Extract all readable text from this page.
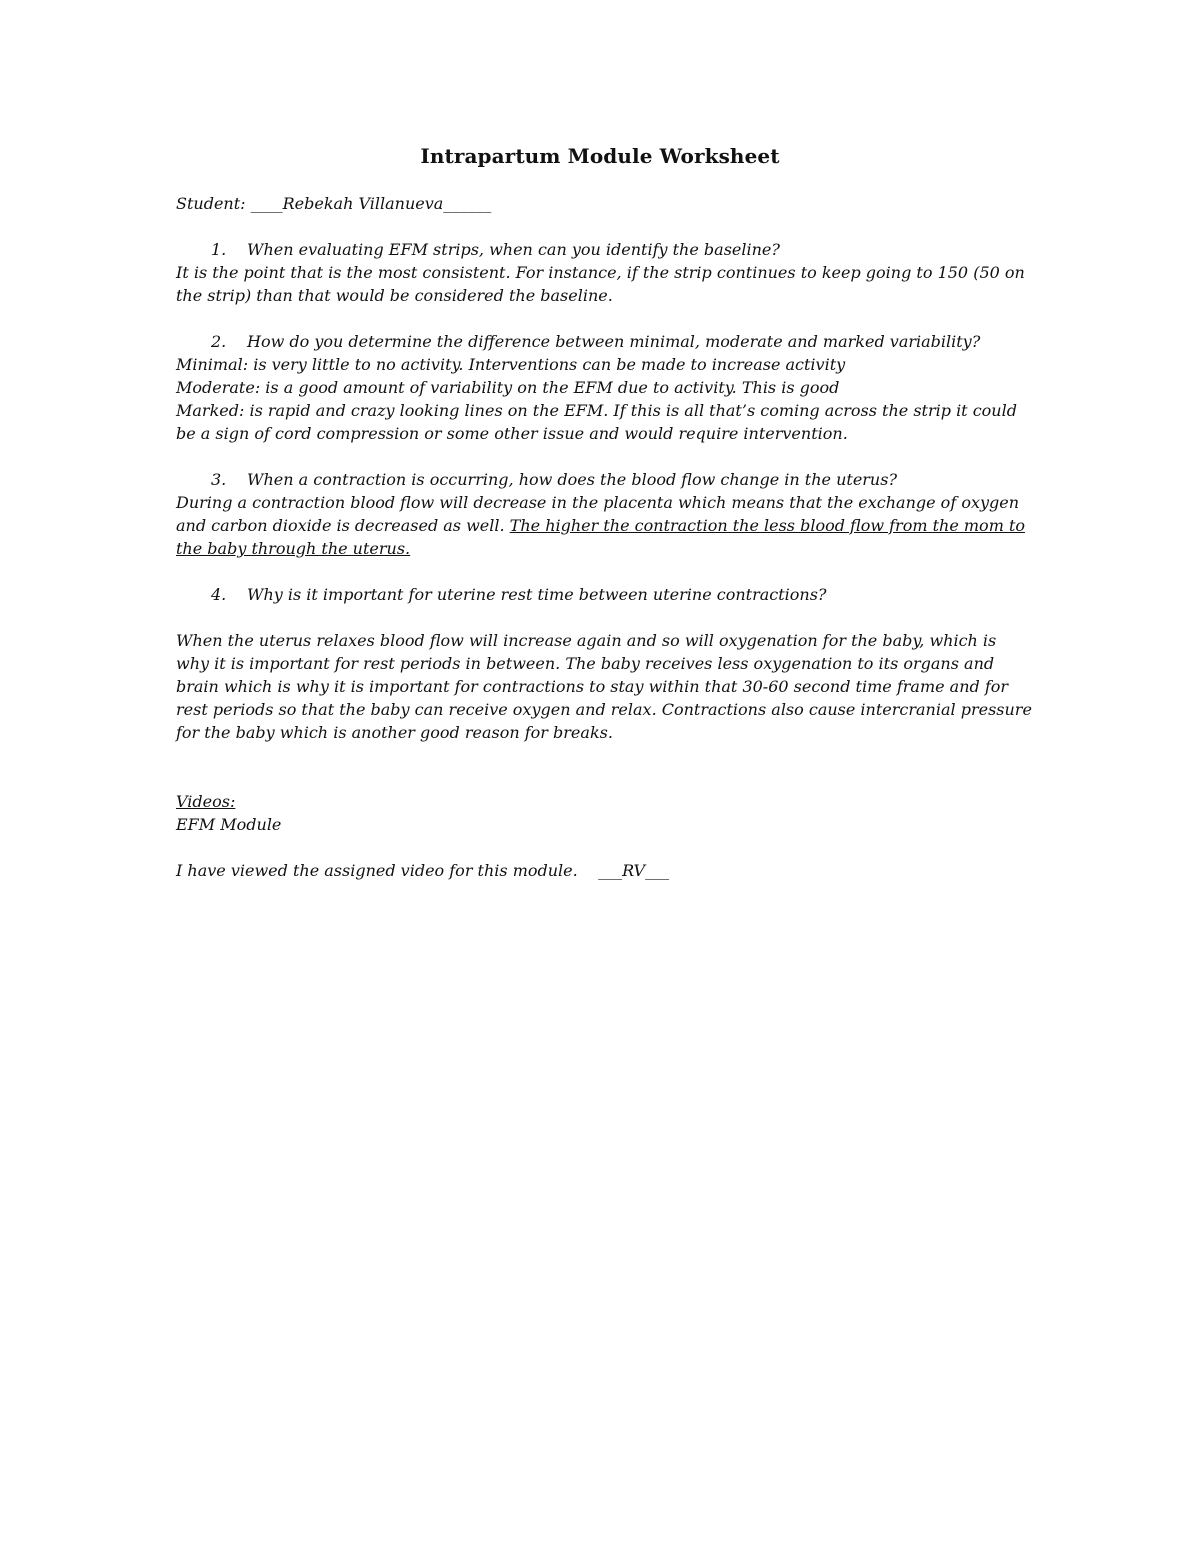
Intrapartum Module Worksheet
Student: ____Rebekah Villanueva______
1. When evaluating EFM strips, when can you identify the baseline?
It is the point that is the most consistent. For instance, if the strip continues to keep going to 150 (50 on
the strip) than that would be considered the baseline.
2. How do you determine the difference between minimal, moderate and marked variability?
Minimal: is very little to no activity. Interventions can be made to increase activity
Moderate: is a good amount of variability on the EFM due to activity. This is good
Marked: is rapid and crazy looking lines on the EFM. If this is all that’s coming across the strip it could
be a sign of cord compression or some other issue and would require intervention.
3. When a contraction is occurring, how does the blood flow change in the uterus?
During a contraction blood flow will decrease in the placenta which means that the exchange of oxygen
and carbon dioxide is decreased as well. The higher the contraction the less blood flow from the mom to
the baby through the uterus.
4. Why is it important for uterine rest time between uterine contractions?
When the uterus relaxes blood flow will increase again and so will oxygenation for the baby, which is
why it is important for rest periods in between. The baby receives less oxygenation to its organs and
brain which is why it is important for contractions to stay within that 30-60 second time frame and for
rest periods so that the baby can receive oxygen and relax. Contractions also cause intercranial pressure
for the baby which is another good reason for breaks.
Videos:
EFM Module
I have viewed the assigned video for this module.    ___RV___
